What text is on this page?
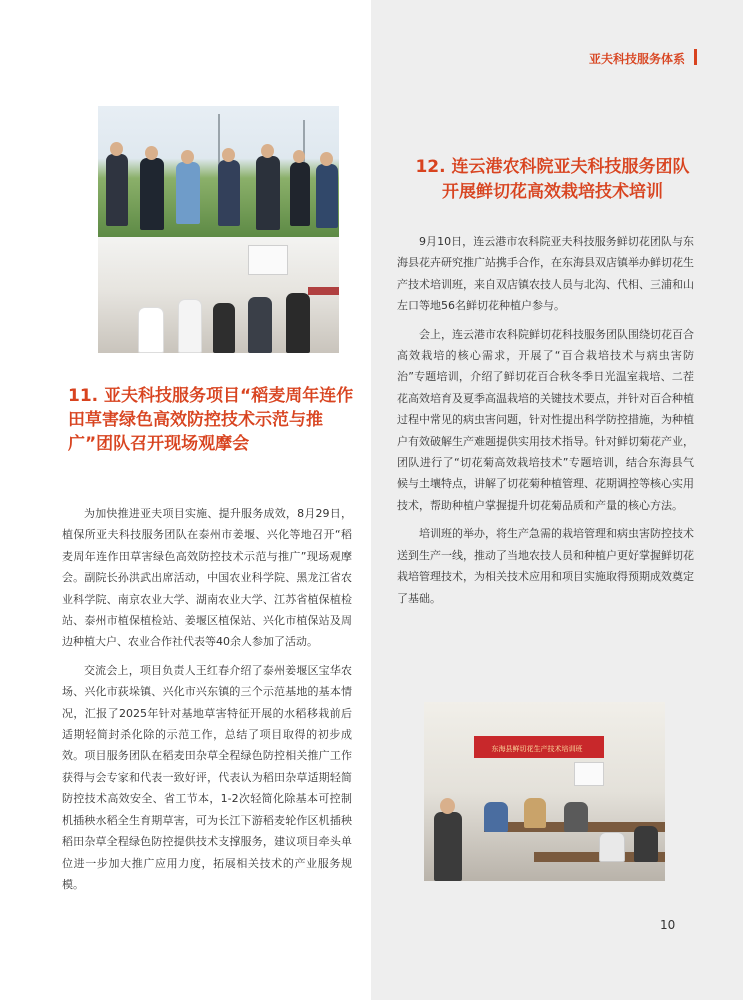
亚夫科技服务体系
11. 亚夫科技服务项目“稻麦周年连作田草害绿色高效防控技术示范与推广”团队召开现场观摩会

为加快推进亚夫项目实施、提升服务成效，8月29日，植保所亚夫科技服务团队在泰州市姜堰、兴化等地召开“稻麦周年连作田草害绿色高效防控技术示范与推广”现场观摩会。副院长孙洪武出席活动，中国农业科学院、黑龙江省农业科学院、南京农业大学、湖南农业大学、江苏省植保植检站、泰州市植保植检站、姜堰区植保站、兴化市植保站及周边种植大户、农业合作社代表等40余人参加了活动。

交流会上，项目负责人王红春介绍了泰州姜堰区宝华农场、兴化市荻垛镇、兴化市兴东镇的三个示范基地的基本情况，汇报了2025年针对基地草害特征开展的水稻移栽前后适期轻简封杀化除的示范工作，总结了项目取得的初步成效。项目服务团队在稻麦田杂草全程绿色防控相关推广工作获得与会专家和代表一致好评，代表认为稻田杂草适期轻简防控技术高效安全、省工节本，1-2次轻简化除基本可控制机插秧水稻全生育期草害，可为长江下游稻麦轮作区机插秧稻田杂草全程绿色防控提供技术支撑服务，建议项目牵头单位进一步加大推广应用力度，拓展相关技术的产业服务规模。

12. 连云港农科院亚夫科技服务团队
开展鲜切花高效栽培技术培训

9月10日，连云港市农科院亚夫科技服务鲜切花团队与东海县花卉研究推广站携手合作，在东海县双店镇举办鲜切花生产技术培训班，来自双店镇农技人员与北沟、代相、三浦和山左口等地56名鲜切花种植户参与。

会上，连云港市农科院鲜切花科技服务团队围绕切花百合高效栽培的核心需求，开展了“百合栽培技术与病虫害防治”专题培训，介绍了鲜切花百合秋冬季日光温室栽培、二茬花高效培育及夏季高温栽培的关键技术要点，并针对百合种植过程中常见的病虫害问题，针对性提出科学防控措施，为种植户有效破解生产难题提供实用技术指导。针对鲜切菊花产业，团队进行了“切花菊高效栽培技术”专题培训，结合东海县气候与土壤特点，讲解了切花菊种植管理、花期调控等核心实用技术，帮助种植户掌握提升切花菊品质和产量的核心方法。

培训班的举办，将生产急需的栽培管理和病虫害防控技术送到生产一线，推动了当地农技人员和种植户更好掌握鲜切花栽培管理技术，为相关技术应用和项目实施取得预期成效奠定了基础。

东海县鲜切花生产技术培训班
10
